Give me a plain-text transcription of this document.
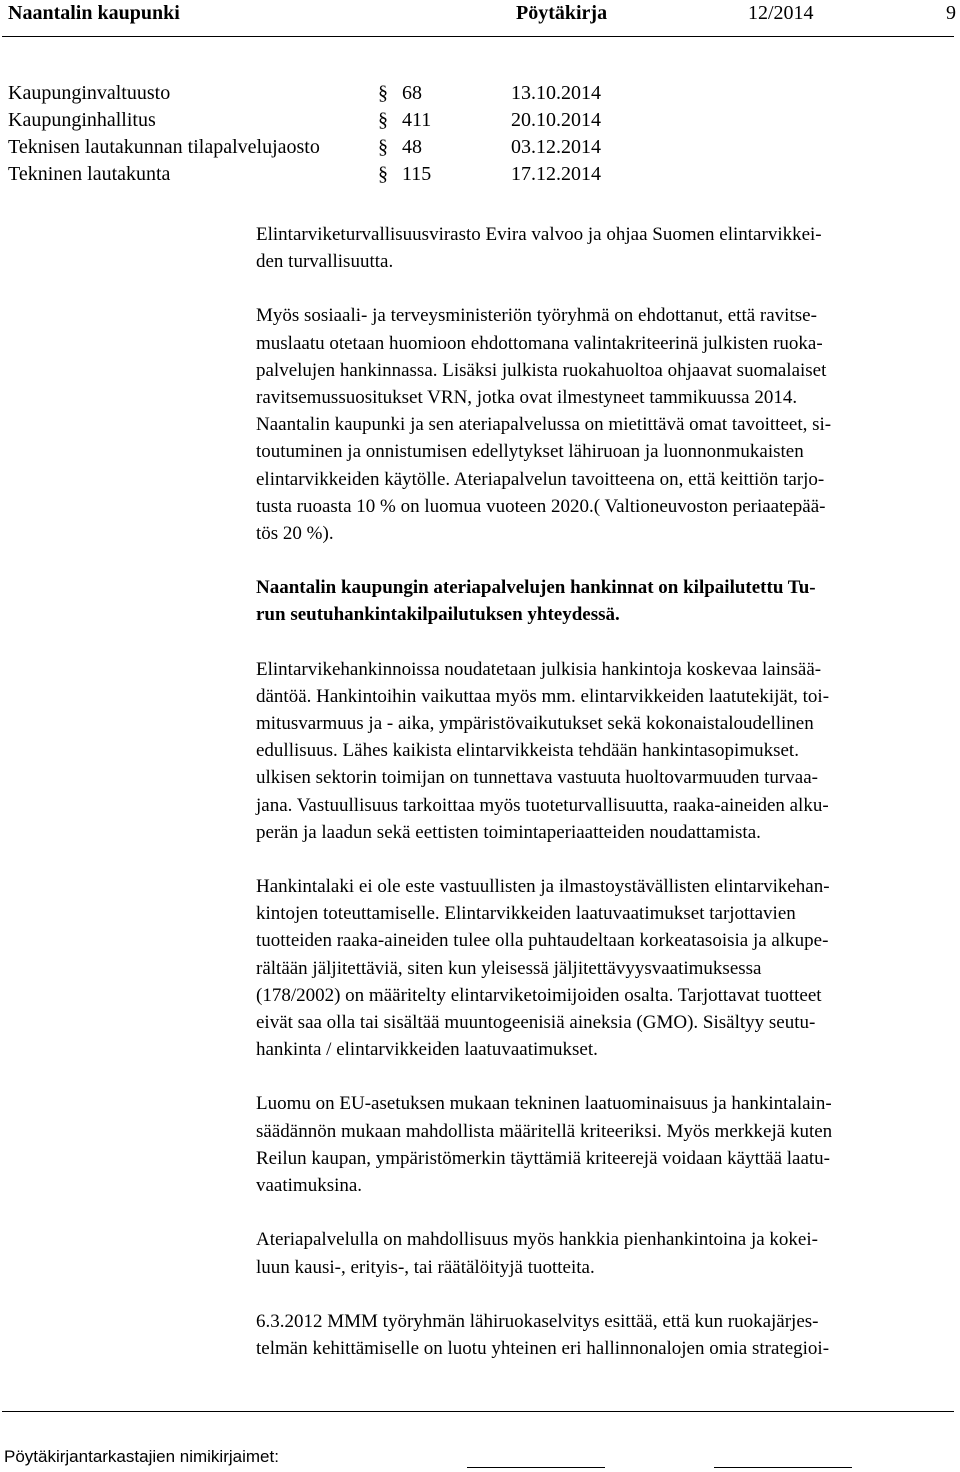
Naantalin kaupunki	Pöytäkirja	12/2014	9
Kaupunginvaltuusto	§ 68	13.10.2014
Kaupunginhallitus	§ 411	20.10.2014
Teknisen lautakunnan tilapalvelujaosto	§ 48	03.12.2014
Tekninen lautakunta	§ 115	17.12.2014
Elintarviketurvallisuusvirasto Evira valvoo ja ohjaa Suomen elintarvikkei-
den turvallisuutta.
Myös sosiaali- ja terveysministeriön työryhmä on ehdottanut, että ravitse-
muslaatu otetaan huomioon ehdottomana valintakriteerinä julkisten ruoka-
palvelujen hankinnassa. Lisäksi julkista ruokahuoltoa ohjaavat suomalaiset
ravitsemussuositukset VRN, jotka ovat ilmestyneet tammikuussa 2014.
Naantalin kaupunki ja sen ateriapalvelussa on mietittävä omat tavoitteet, si-
toutuminen ja onnistumisen edellytykset lähiruoan ja luonnonmukaisten
elintarvikkeiden käytölle. Ateriapalvelun tavoitteena on, että keittiön tarjo-
tusta ruoasta 10 % on luomua vuoteen 2020.( Valtioneuvoston periaatepää-
tös 20 %).
Naantalin kaupungin ateriapalvelujen hankinnat on kilpailutettu Tu-
run seutuhankintakilpailutuksen yhteydessä.
Elintarvikehankinnoissa noudatetaan julkisia hankintoja koskevaa lainsää-
däntöä. Hankintoihin vaikuttaa myös mm. elintarvikkeiden laatutekijät, toi-
mitusvarmuus ja - aika, ympäristövaikutukset sekä kokonaistaloudellinen
edullisuus. Lähes kaikista elintarvikkeista tehdään hankintasopimukset.
ulkisen sektorin toimijan on tunnettava vastuuta huoltovarmuuden turvaa-
jana. Vastuullisuus tarkoittaa myös tuoteturvallisuutta, raaka-aineiden alku-
perän ja laadun sekä eettisten toimintaperiaatteiden noudattamista.
Hankintalaki ei ole este vastuullisten ja ilmastoystävällisten elintarvikehan-
kintojen toteuttamiselle. Elintarvikkeiden laatuvaatimukset tarjottavien
tuotteiden raaka-aineiden tulee olla puhtaudeltaan korkeatasoisia ja alkupe-
rältään jäljitettäviä, siten kun yleisessä jäljitettävyysvaatimuksessa
(178/2002) on määritelty elintarviketoimijoiden osalta. Tarjottavat tuotteet
eivät saa olla tai sisältää muuntogeenisiä aineksia (GMO). Sisältyy seutu-
hankinta / elintarvikkeiden laatuvaatimukset.
Luomu on EU-asetuksen mukaan tekninen laatuominaisuus ja hankintalain-
säädännön mukaan mahdollista määritellä kriteeriksi. Myös merkkejä kuten
Reilun kaupan, ympäristömerkin täyttämiä kriteerejä voidaan käyttää laatu-
vaatimuksina.
Ateriapalvelulla on mahdollisuus myös hankkia pienhankintoina ja kokei-
luun kausi-, erityis-, tai räätälöityjä tuotteita.
6.3.2012 MMM työryhmän lähiruokaselvitys esittää, että kun ruokajärjes-
telmän kehittämiselle on luotu yhteinen eri hallinnonalojen omia strategioi-
Pöytäkirjantarkastajien nimikirjaimet:
